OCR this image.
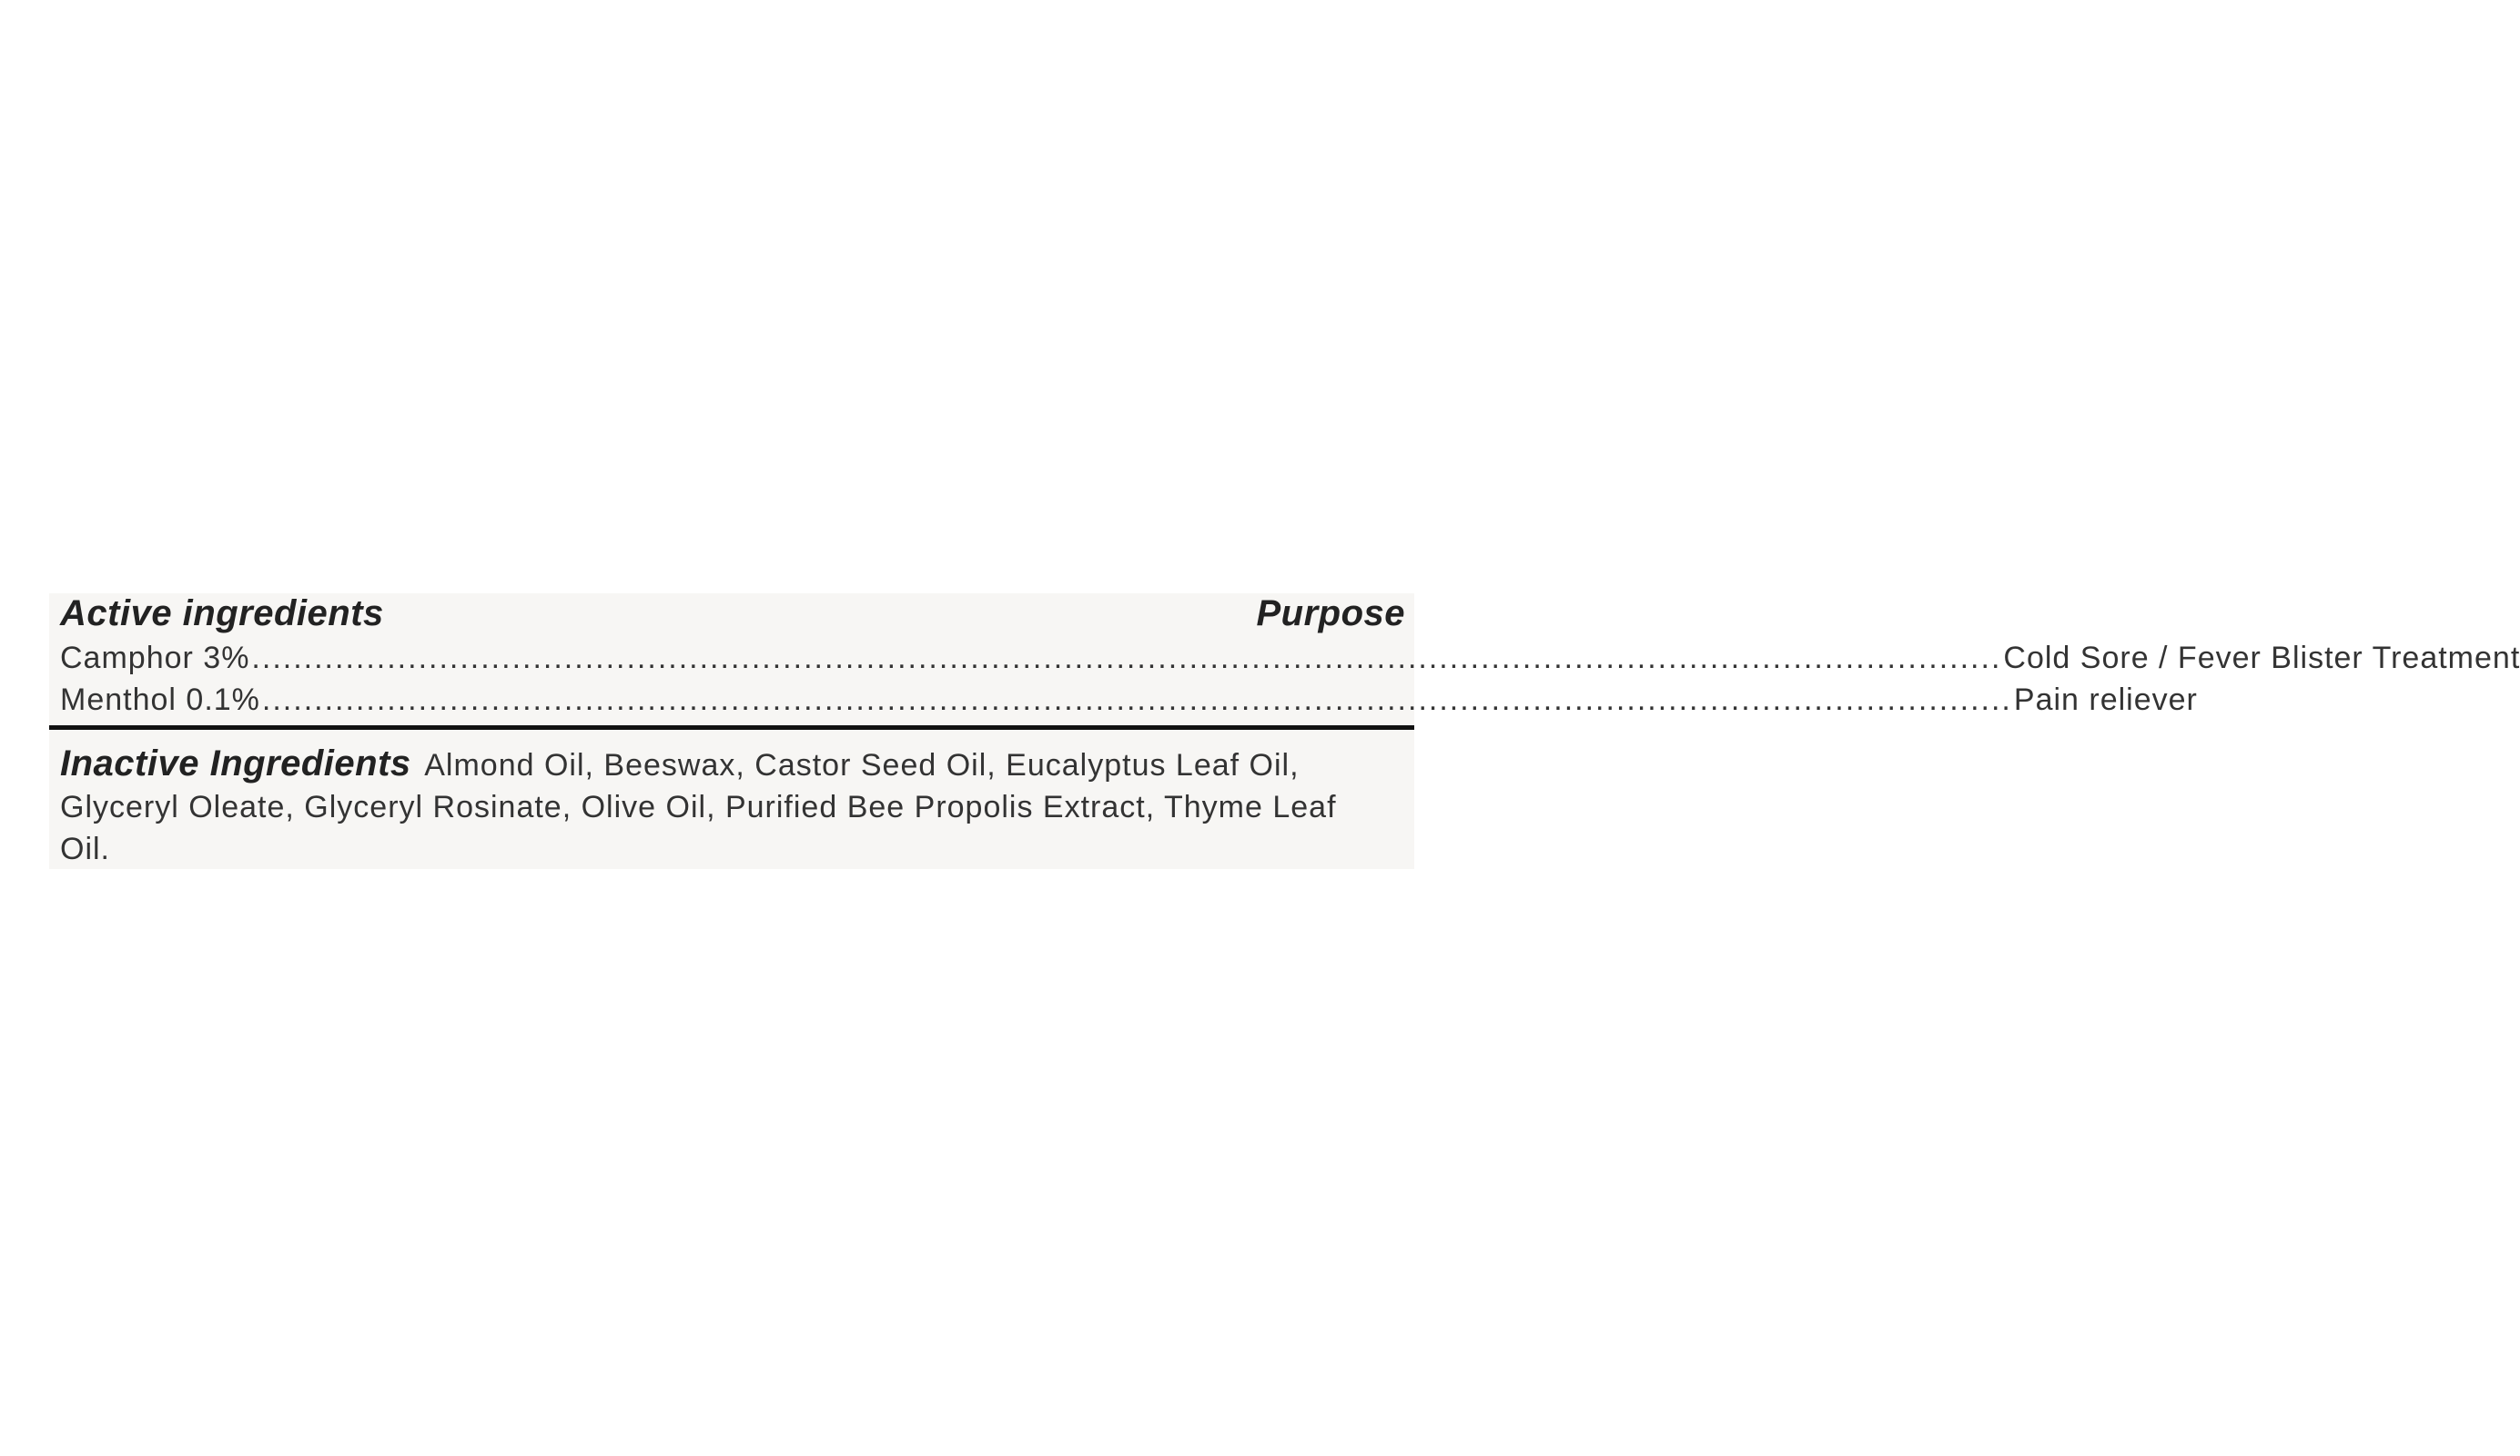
Active ingredients	Purpose
Camphor 3% ........................................................................................................................................................................ Cold Sore / Fever Blister Treatment
Menthol 0.1% ........................................................................................................................................................................ Pain reliever
Inactive Ingredients Almond Oil, Beeswax, Castor Seed Oil, Eucalyptus Leaf Oil, Glyceryl Oleate, Glyceryl Rosinate, Olive Oil, Purified Bee Propolis Extract, Thyme Leaf Oil.
